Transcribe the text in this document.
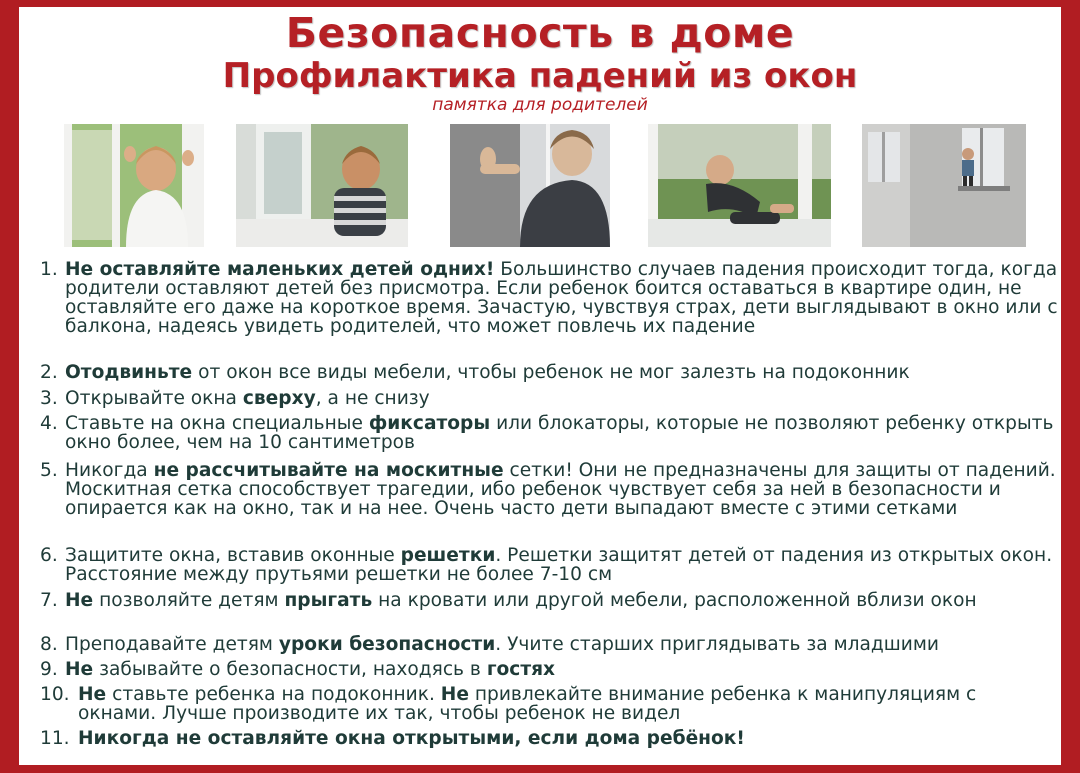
Безопасность в доме
Профилактика падений из окон
памятка для родителей
1. Не оставляйте маленьких детей одних! Большинство случаев падения происходит тогда, когда родители оставляют детей без присмотра. Если ребенок боится оставаться в квартире один, не оставляйте его даже на короткое время. Зачастую, чувствуя страх, дети выглядывают в окно или с балкона, надеясь увидеть родителей, что может повлечь их падение
2. Отодвиньте от окон все виды мебели, чтобы ребенок не мог залезть на подоконник
3. Открывайте окна сверху, а не снизу
4. Ставьте на окна специальные фиксаторы или блокаторы, которые не позволяют ребенку открыть окно более, чем на 10 сантиметров
5. Никогда не рассчитывайте на москитные сетки! Они не предназначены для защиты от падений. Москитная сетка способствует трагедии, ибо ребенок чувствует себя за ней в безопасности и опирается как на окно, так и на нее. Очень часто дети выпадают вместе с этими сетками
6. Защитите окна, вставив оконные решетки. Решетки защитят детей от падения из открытых окон. Расстояние между прутьями решетки не более 7-10 см
7. Не позволяйте детям прыгать на кровати или другой мебели, расположенной вблизи окон
8. Преподавайте детям уроки безопасности. Учите старших приглядывать за младшими
9. Не забывайте о безопасности, находясь в гостях
10. Не ставьте ребенка на подоконник. Не привлекайте внимание ребенка к манипуляциям с окнами. Лучше производите их так, чтобы ребенок не видел
11. Никогда не оставляйте окна открытыми, если дома ребёнок!
